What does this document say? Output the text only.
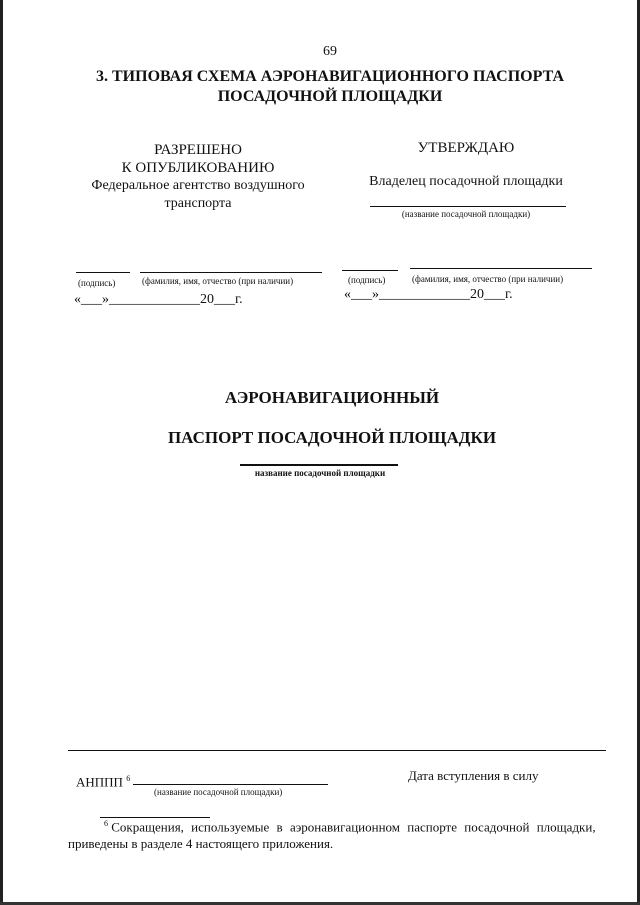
69
3. ТИПОВАЯ СХЕМА АЭРОНАВИГАЦИОННОГО ПАСПОРТА
ПОСАДОЧНОЙ ПЛОЩАДКИ
РАЗРЕШЕНО
К ОПУБЛИКОВАНИЮ
Федеральное агентство воздушного
транспорта
УТВЕРЖДАЮ
Владелец посадочной площадки
(название посадочной площадки)
(подпись)	(фамилия, имя, отчество (при наличии)
«___»_____________20___г.
(подпись)	(фамилия, имя, отчество (при наличии)
«___»_____________20___г.
АЭРОНАВИГАЦИОННЫЙ
ПАСПОРТ ПОСАДОЧНОЙ ПЛОЩАДКИ
название посадочной площадки
АНППП $^6$
(название посадочной площадки)
Дата вступления в силу
$^6$ Сокращения, используемые в аэронавигационном паспорте посадочной площадки,
приведены в разделе 4 настоящего приложения.
